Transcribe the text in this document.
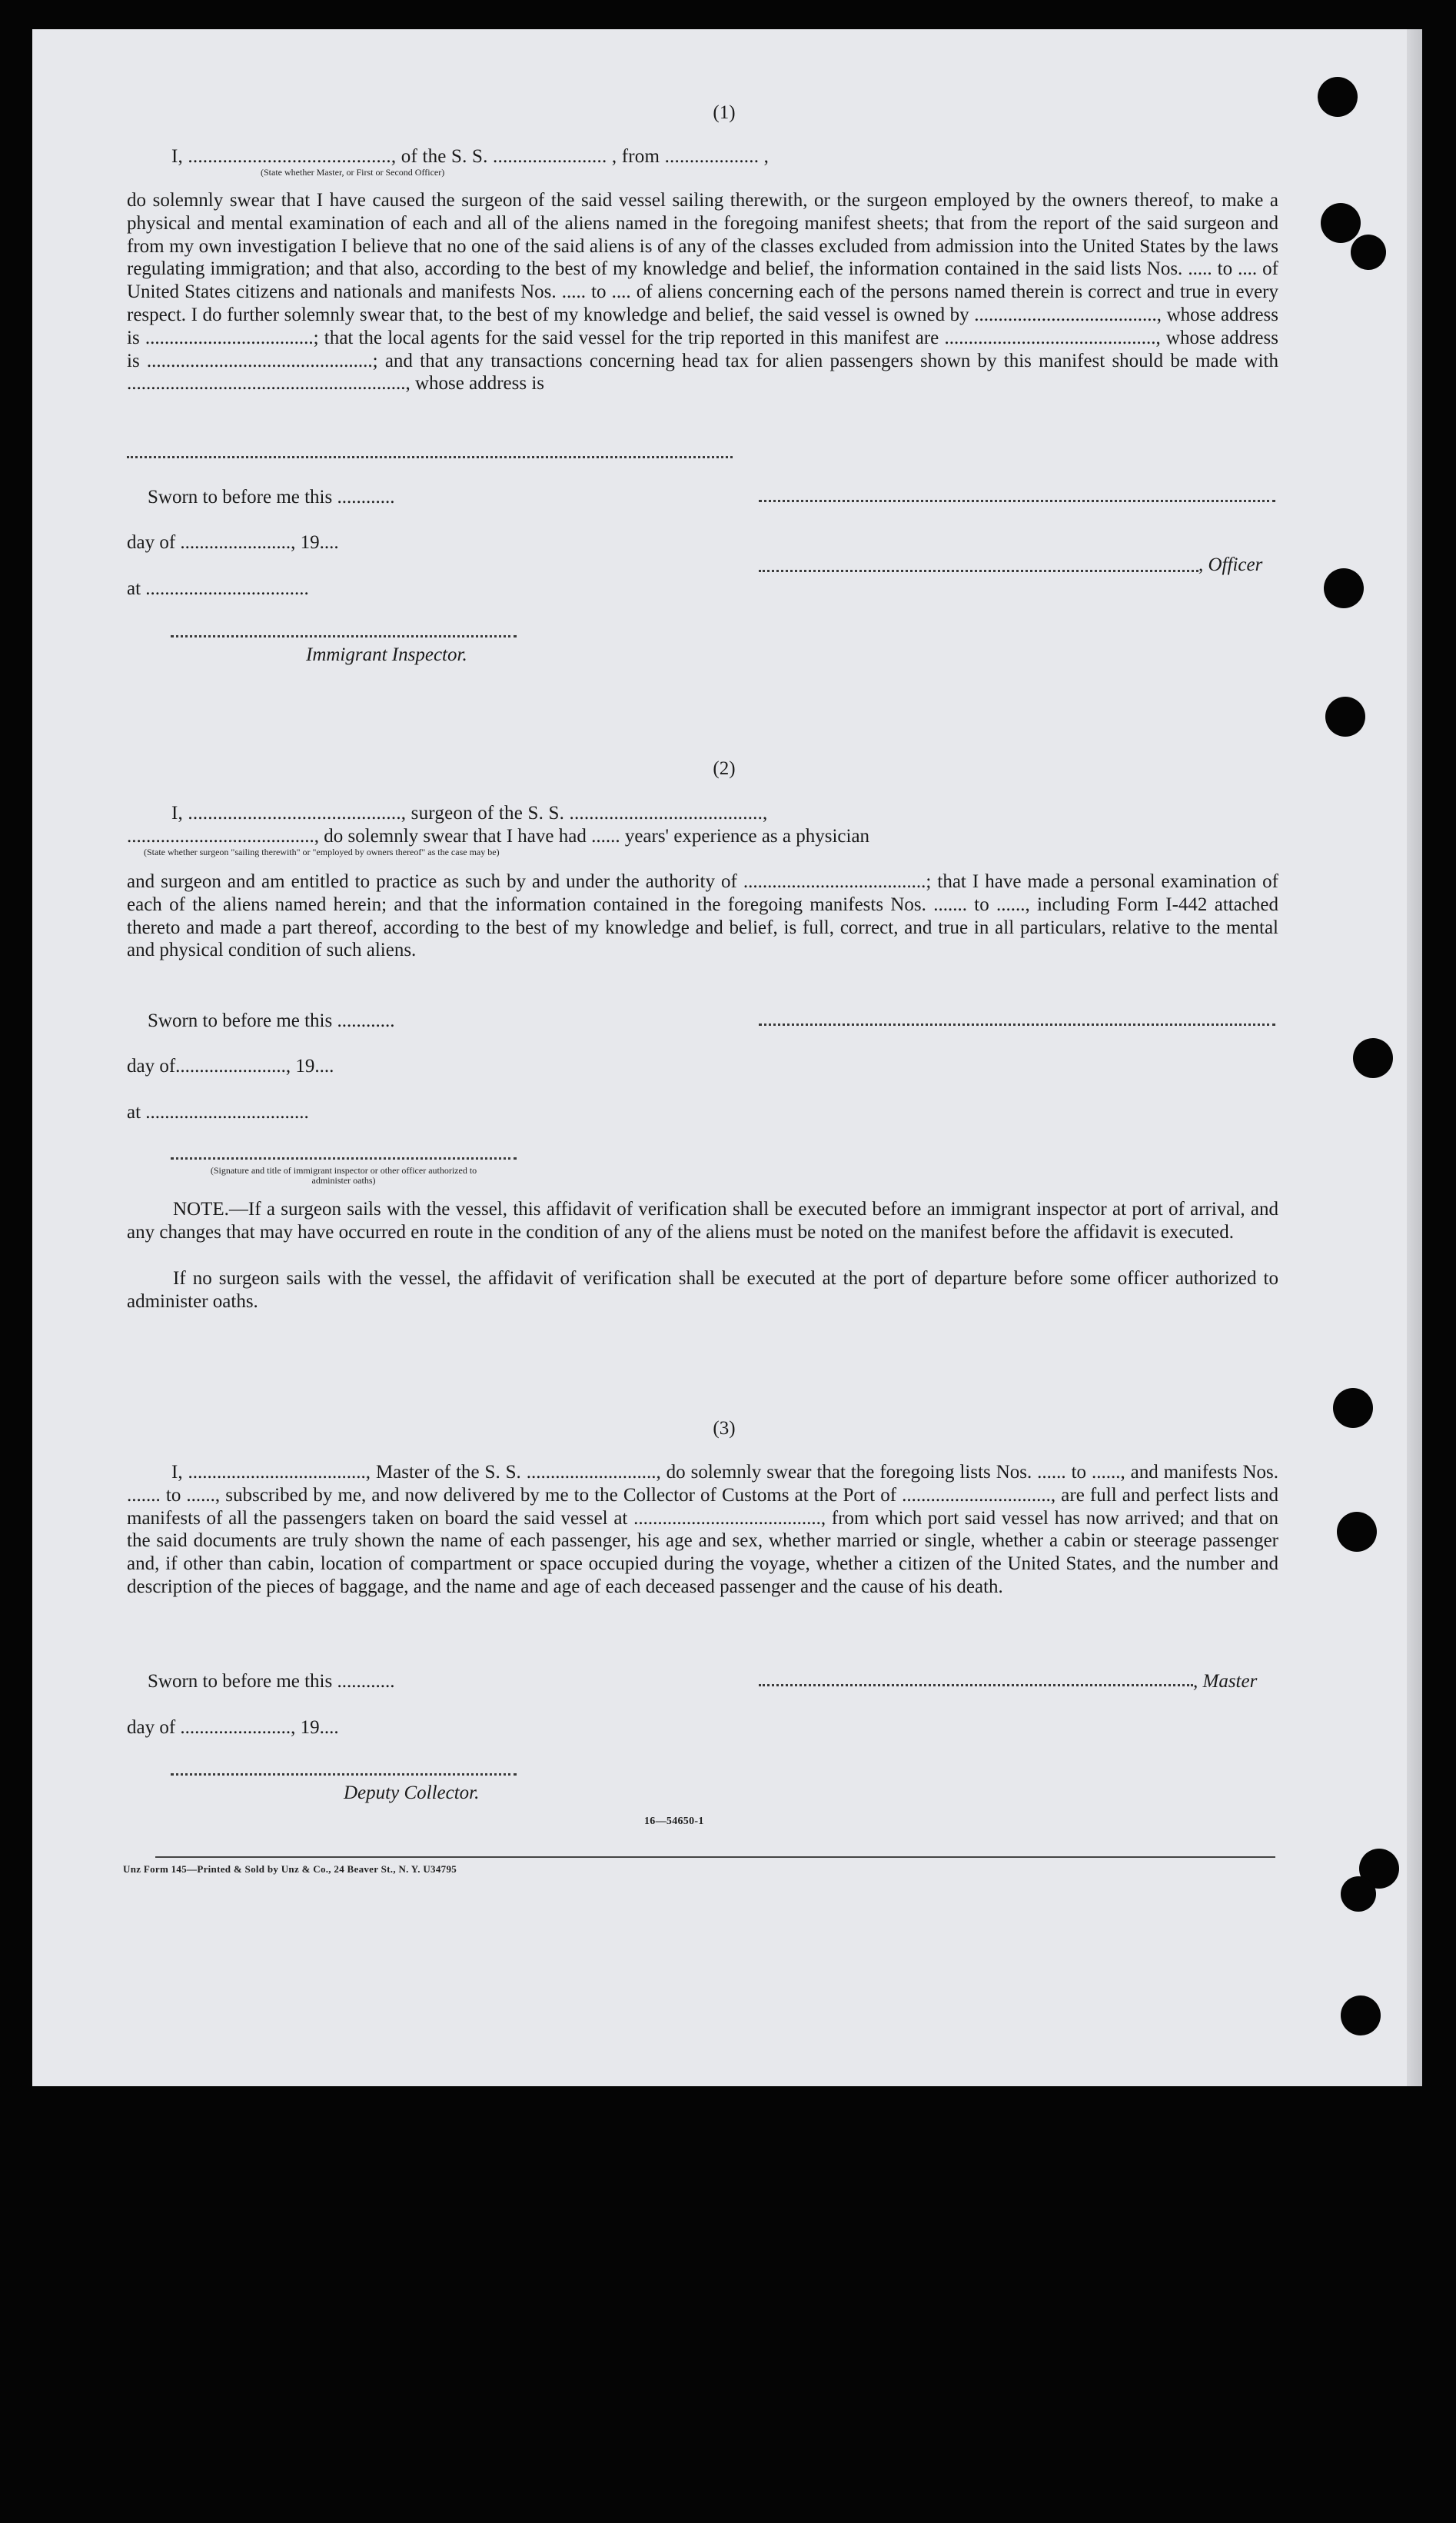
(1)

I, ........................................., of the S. S. ....................... , from ................... ,

(State whether Master, or First or Second Officer)

do solemnly swear that I have caused the surgeon of the said vessel sailing therewith, or the surgeon employed by the owners thereof, to make a physical and mental examination of each and all of the aliens named in the foregoing manifest sheets; that from the report of the said surgeon and from my own investigation I believe that no one of the said aliens is of any of the classes excluded from admission into the United States by the laws regulating immigration; and that also, according to the best of my knowledge and belief, the information contained in the said lists Nos. ..... to .... of United States citizens and nationals and manifests Nos. ..... to .... of aliens concerning each of the persons named therein is correct and true in every respect. I do further solemnly swear that, to the best of my knowledge and belief, the said vessel is owned by ......................................, whose address is ...................................; that the local agents for the said vessel for the trip reported in this manifest are ............................................, whose address is ...............................................; and that any transactions concerning head tax for alien passengers shown by this manifest should be made with .........................................................., whose address is

Sworn to before me this ............

day of ......................., 19....

, Officer

at ..................................

Immigrant Inspector.

(2)

I, ..........................................., surgeon of the S. S. .......................................,

......................................., do solemnly swear that I have had ...... years' experience as a physician

(State whether surgeon "sailing therewith" or "employed by owners thereof" as the case may be)

and surgeon and am entitled to practice as such by and under the authority of ......................................; that I have made a personal examination of each of the aliens named herein; and that the information contained in the foregoing manifests Nos. ....... to ......, including Form I-442 attached thereto and made a part thereof, according to the best of my knowledge and belief, is full, correct, and true in all particulars, relative to the mental and physical condition of such aliens.

Sworn to before me this ............

day of......................., 19....

at ..................................

(Signature and title of immigrant inspector or other officer authorized to administer oaths)

NOTE.—If a surgeon sails with the vessel, this affidavit of verification shall be executed before an immigrant inspector at port of arrival, and any changes that may have occurred en route in the condition of any of the aliens must be noted on the manifest before the affidavit is executed.

If no surgeon sails with the vessel, the affidavit of verification shall be executed at the port of departure before some officer authorized to administer oaths.

(3)

I, ....................................., Master of the S. S. ..........................., do solemnly swear that the foregoing lists Nos. ...... to ......, and manifests Nos. ....... to ......, subscribed by me, and now delivered by me to the Collector of Customs at the Port of ..............................., are full and perfect lists and manifests of all the passengers taken on board the said vessel at ......................................., from which port said vessel has now arrived; and that on the said documents are truly shown the name of each passenger, his age and sex, whether married or single, whether a cabin or steerage passenger and, if other than cabin, location of compartment or space occupied during the voyage, whether a citizen of the United States, and the number and description of the pieces of baggage, and the name and age of each deceased passenger and the cause of his death.

Sworn to before me this ............	, Master

day of ......................., 19....

Deputy Collector.

16—54650-1

Unz Form 145—Printed & Sold by Unz & Co., 24 Beaver St., N. Y. U34795
